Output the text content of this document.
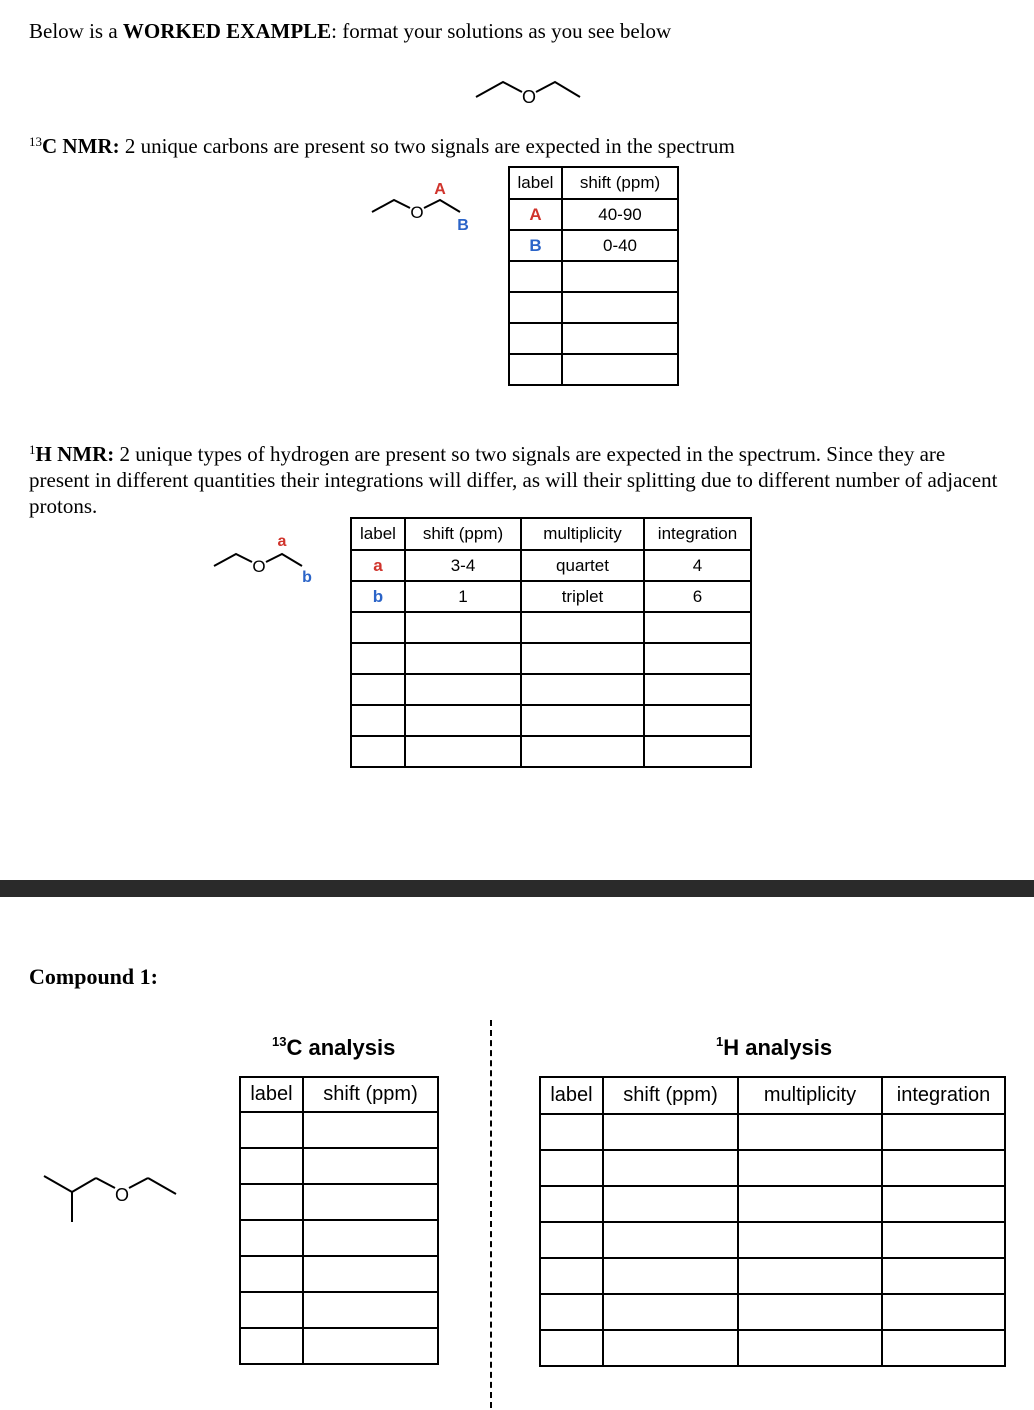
Below is a WORKED EXAMPLE: format your solutions as you see below
O
$^{13}$C NMR: 2 unique carbons are present so two signals are expected in the spectrum
O
A
B
label	shift (ppm)
A	40-90
B	0-40

$^1$H NMR: 2 unique types of hydrogen are present so two signals are expected in the spectrum. Since they are present in different quantities their integrations will differ, as will their splitting due to different number of adjacent protons.
O
a
b
label	shift (ppm)	multiplicity	integration
a	3-4	quartet	4
b	1	triplet	6

Compound 1:
O
$^{13}$C analysis
label	shift (ppm)

$^1$H analysis
label	shift (ppm)	multiplicity	integration
